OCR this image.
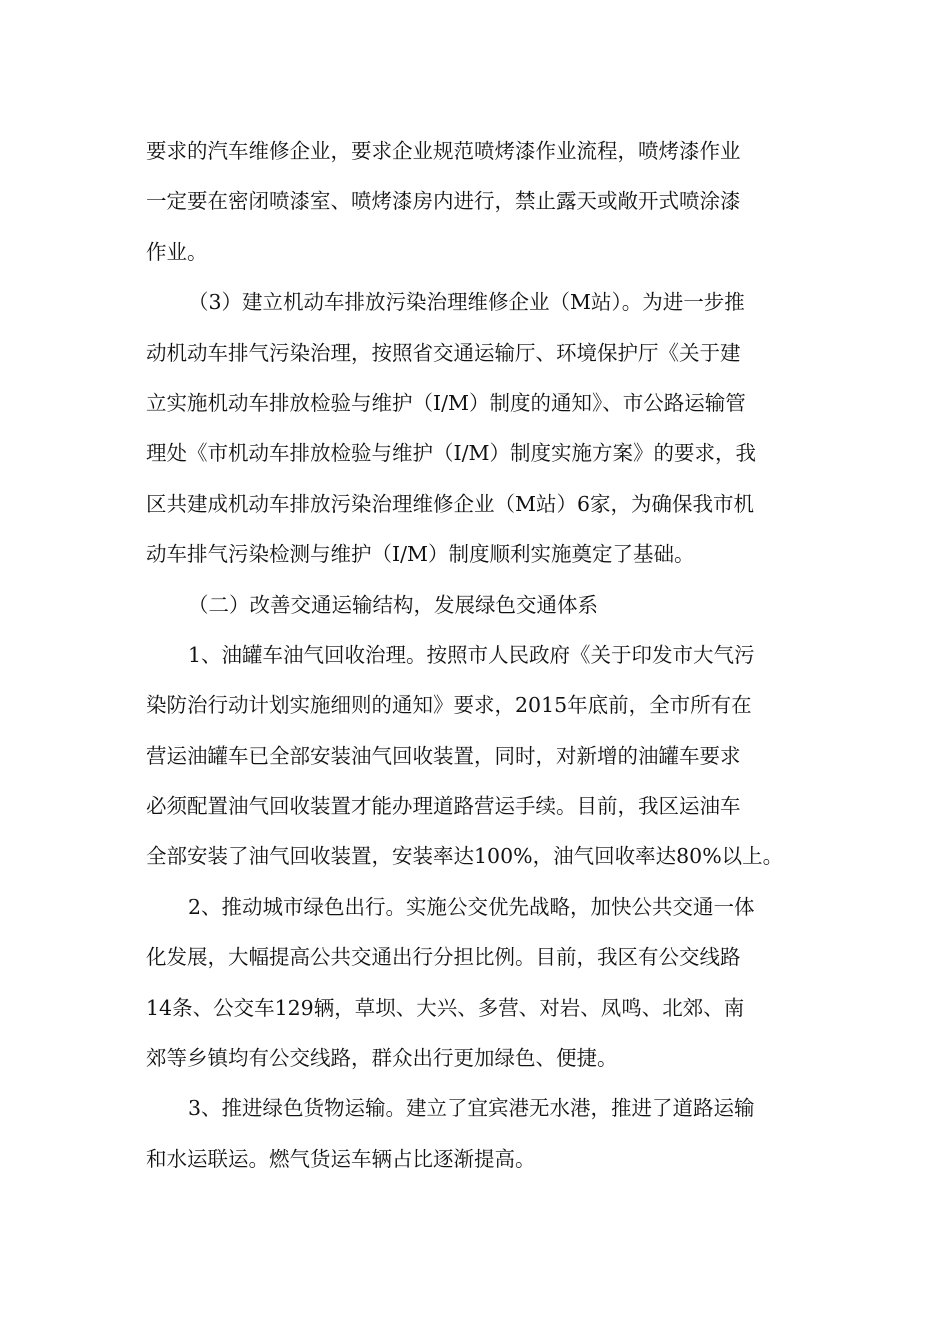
要求的汽车维修企业，要求企业规范喷烤漆作业流程，喷烤漆作业
一定要在密闭喷漆室、喷烤漆房内进行，禁止露天或敞开式喷涂漆
作业。
（3）建立机动车排放污染治理维修企业（M站）。为进一步推
动机动车排气污染治理，按照省交通运输厅、环境保护厅《关于建
立实施机动车排放检验与维护（I/M）制度的通知》、市公路运输管
理处《市机动车排放检验与维护（I/M）制度实施方案》的要求，我
区共建成机动车排放污染治理维修企业（M站）6家，为确保我市机
动车排气污染检测与维护（I/M）制度顺利实施奠定了基础。
（二）改善交通运输结构，发展绿色交通体系
1、油罐车油气回收治理。按照市人民政府《关于印发市大气污
染防治行动计划实施细则的通知》要求，2015年底前，全市所有在
营运油罐车已全部安装油气回收装置，同时，对新增的油罐车要求
必须配置油气回收装置才能办理道路营运手续。目前，我区运油车
全部安装了油气回收装置，安装率达100%，油气回收率达80%以上。
2、推动城市绿色出行。实施公交优先战略，加快公共交通一体
化发展，大幅提高公共交通出行分担比例。目前，我区有公交线路
14条、公交车129辆，草坝、大兴、多营、对岩、凤鸣、北郊、南
郊等乡镇均有公交线路，群众出行更加绿色、便捷。
3、推进绿色货物运输。建立了宜宾港无水港，推进了道路运输
和水运联运。燃气货运车辆占比逐渐提高。
